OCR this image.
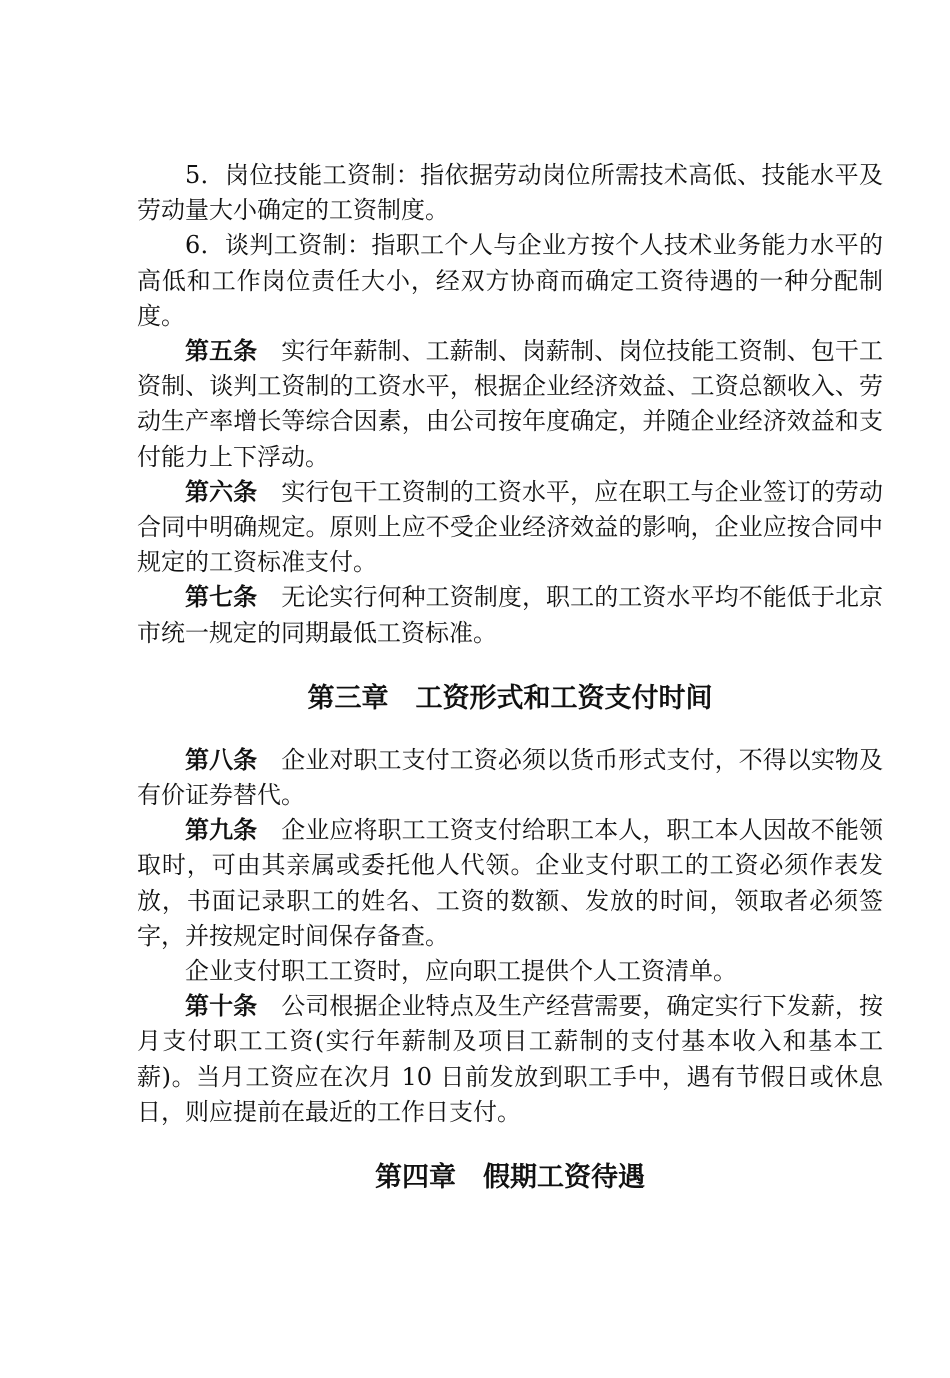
5．岗位技能工资制：指依据劳动岗位所需技术高低、技能水平及劳动量大小确定的工资制度。

6．谈判工资制：指职工个人与企业方按个人技术业务能力水平的高低和工作岗位责任大小，经双方协商而确定工资待遇的一种分配制度。

第五条 实行年薪制、工薪制、岗薪制、岗位技能工资制、包干工资制、谈判工资制的工资水平，根据企业经济效益、工资总额收入、劳动生产率增长等综合因素，由公司按年度确定，并随企业经济效益和支付能力上下浮动。

第六条 实行包干工资制的工资水平，应在职工与企业签订的劳动合同中明确规定。原则上应不受企业经济效益的影响，企业应按合同中规定的工资标准支付。

第七条 无论实行何种工资制度，职工的工资水平均不能低于北京市统一规定的同期最低工资标准。

第三章　工资形式和工资支付时间

第八条 企业对职工支付工资必须以货币形式支付，不得以实物及有价证券替代。

第九条 企业应将职工工资支付给职工本人，职工本人因故不能领取时，可由其亲属或委托他人代领。企业支付职工的工资必须作表发放，书面记录职工的姓名、工资的数额、发放的时间，领取者必须签字，并按规定时间保存备查。

企业支付职工工资时，应向职工提供个人工资清单。

第十条 公司根据企业特点及生产经营需要，确定实行下发薪，按月支付职工工资(实行年薪制及项目工薪制的支付基本收入和基本工薪)。当月工资应在次月 10 日前发放到职工手中，遇有节假日或休息日，则应提前在最近的工作日支付。

第四章　假期工资待遇
